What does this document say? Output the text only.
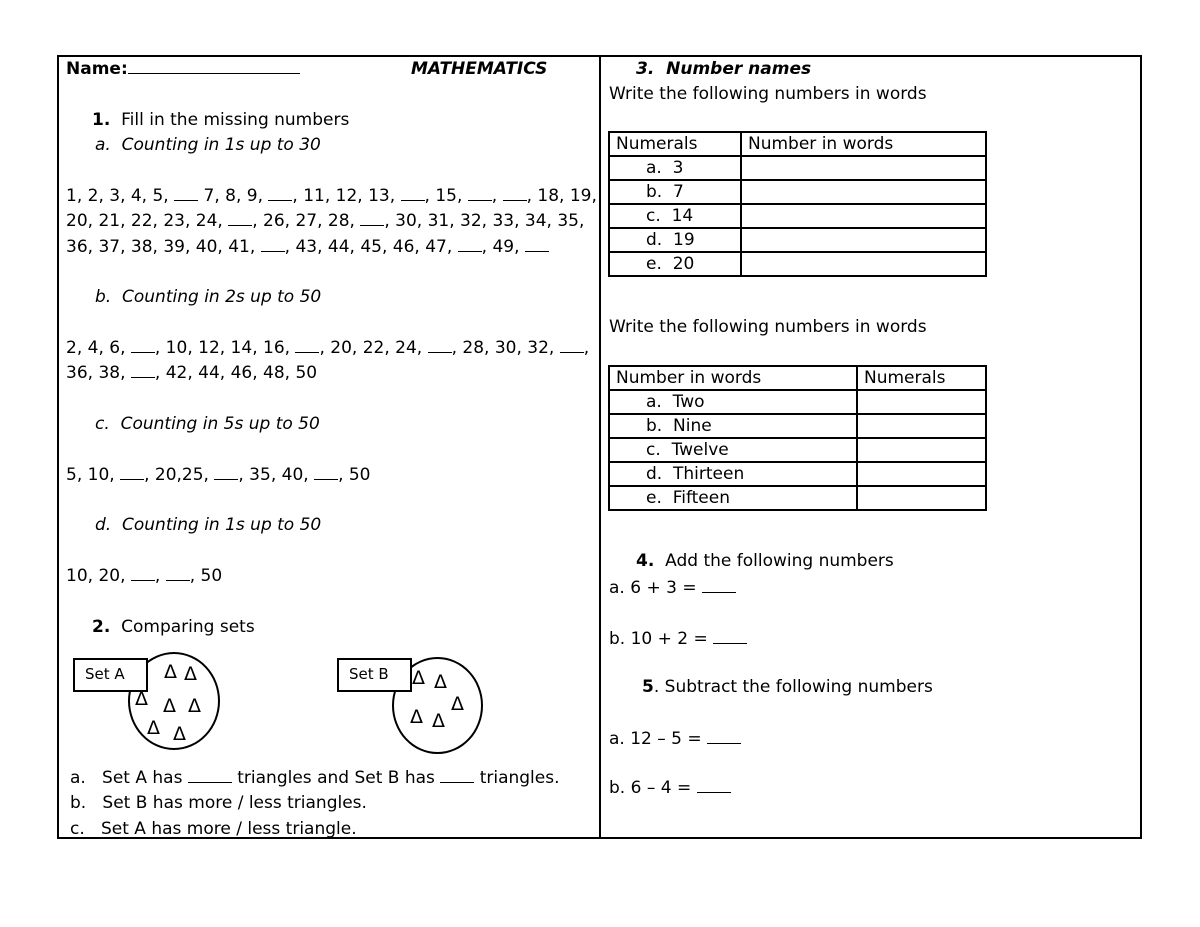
Name:	MATHEMATICS
1. Fill in the missing numbers
a. Counting in 1s up to 30
1, 2, 3, 4, 5,  7, 8, 9, , 11, 12, 13, , 15, , , 18, 19,
20, 21, 22, 23, 24, , 26, 27, 28, , 30, 31, 32, 33, 34, 35,
36, 37, 38, 39, 40, 41, , 43, 44, 45, 46, 47, , 49,
b. Counting in 2s up to 50
2, 4, 6, , 10, 12, 14, 16, , 20, 22, 24, , 28, 30, 32, ,
36, 38, , 42, 44, 46, 48, 50
c. Counting in 5s up to 50
5, 10, , 20,25, , 35, 40, , 50
d. Counting in 1s up to 50
10, 20, , , 50
2. Comparing sets
Set A	Δ Δ
Δ Δ Δ
Δ Δ
Set B	Δ Δ
Δ
Δ Δ
a. Set A has	triangles and Set B has  triangles.
b. Set B has more / less triangles.
c. Set A has more / less triangle.
3.  Number names
Write the following numbers in words
Numerals	Number in words
a. 3	
b. 7	
c. 14	
d. 19	
e. 20	
Write the following numbers in words
Number in words	Numerals
a. Two	
b. Nine	
c. Twelve	
d. Thirteen	
e. Fifteen	
4. Add the following numbers
a. 6 + 3 =
b. 10 + 2 =
5. Subtract the following numbers
a. 12 – 5 =
b. 6 – 4 =
